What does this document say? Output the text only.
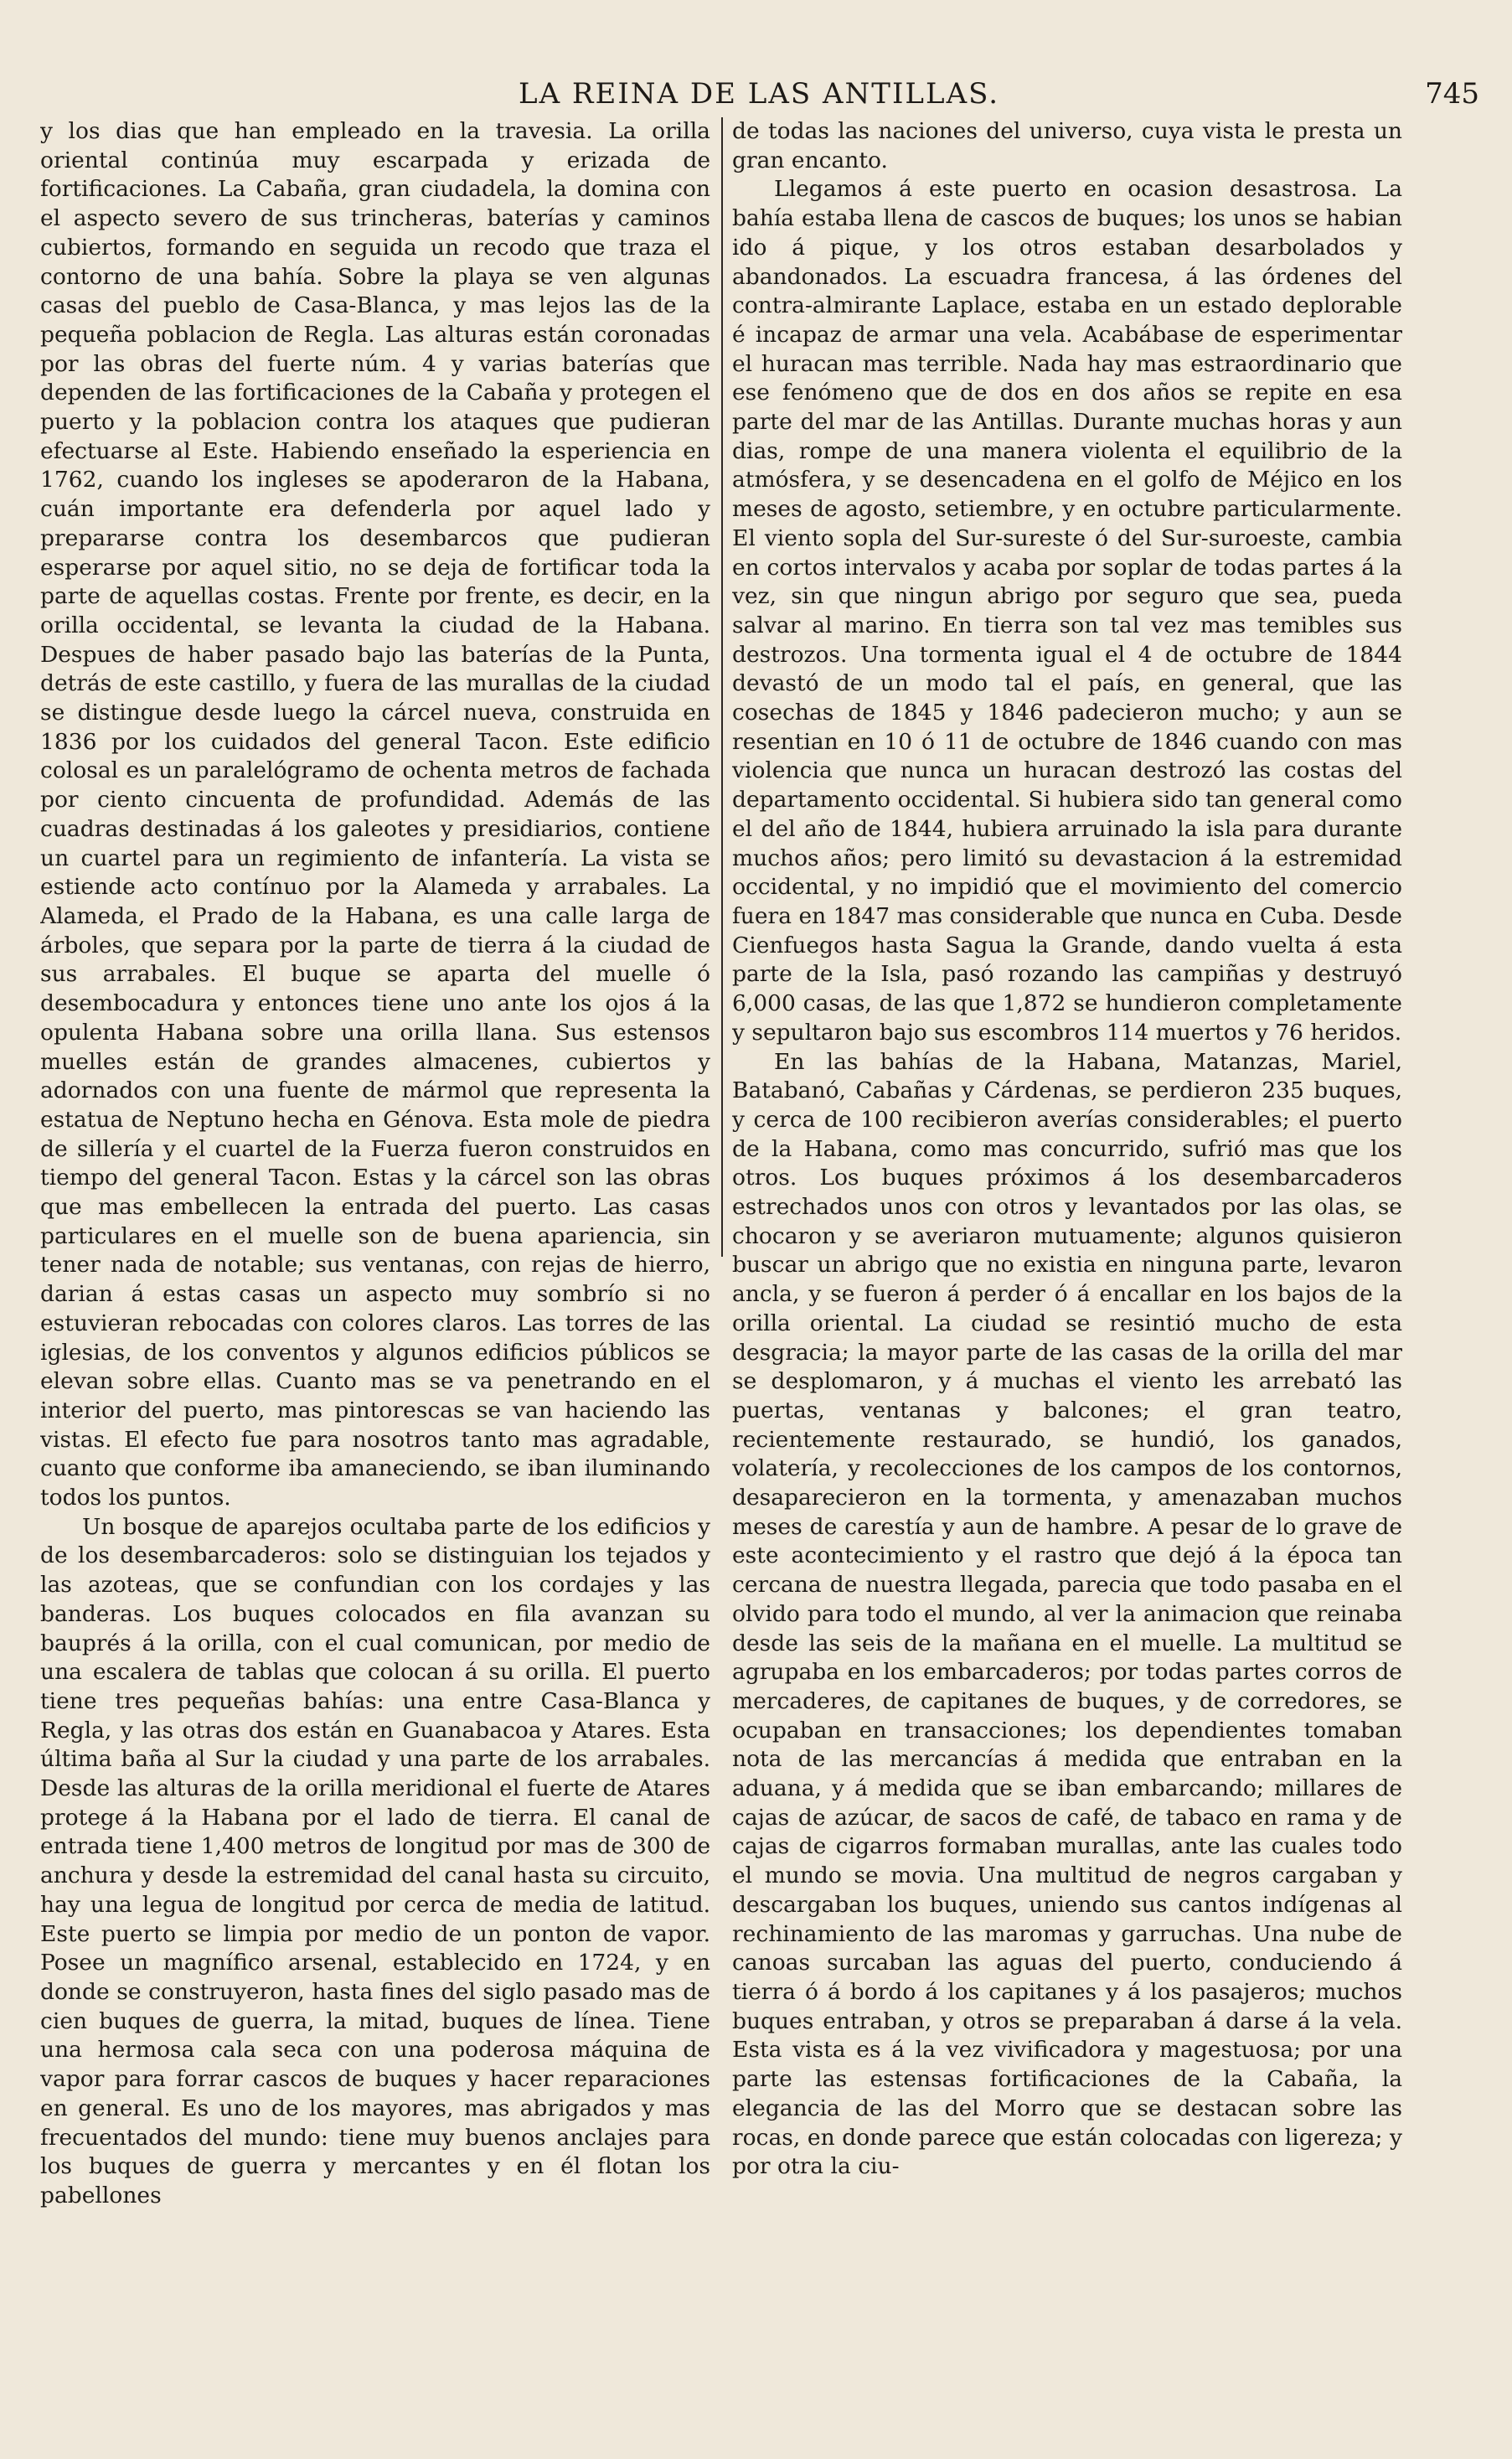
LA REINA DE LAS ANTILLAS.	745

y los dias que han empleado en la travesia. La orilla oriental continúa muy escarpada y erizada de fortificaciones. La Cabaña, gran ciudadela, la domina con el aspecto severo de sus trincheras, baterías y caminos cubiertos, formando en seguida un recodo que traza el contorno de una bahía. Sobre la playa se ven algunas casas del pueblo de Casa-Blanca, y mas lejos las de la pequeña poblacion de Regla. Las alturas están coronadas por las obras del fuerte núm. 4 y varias baterías que dependen de las fortificaciones de la Cabaña y protegen el puerto y la poblacion contra los ataques que pudieran efectuarse al Este. Habiendo enseñado la esperiencia en 1762, cuando los ingleses se apoderaron de la Habana, cuán importante era defenderla por aquel lado y prepararse contra los desembarcos que pudieran esperarse por aquel sitio, no se deja de fortificar toda la parte de aquellas costas. Frente por frente, es decir, en la orilla occidental, se levanta la ciudad de la Habana. Despues de haber pasado bajo las baterías de la Punta, detrás de este castillo, y fuera de las murallas de la ciudad se distingue desde luego la cárcel nueva, construida en 1836 por los cuidados del general Tacon. Este edificio colosal es un paralelógramo de ochenta metros de fachada por ciento cincuenta de profundidad. Además de las cuadras destinadas á los galeotes y presidiarios, contiene un cuartel para un regimiento de infantería. La vista se estiende acto contínuo por la Alameda y arrabales. La Alameda, el Prado de la Habana, es una calle larga de árboles, que separa por la parte de tierra á la ciudad de sus arrabales. El buque se aparta del muelle ó desembocadura y entonces tiene uno ante los ojos á la opulenta Habana sobre una orilla llana. Sus estensos muelles están de grandes almacenes, cubiertos y adornados con una fuente de mármol que representa la estatua de Neptuno hecha en Génova. Esta mole de piedra de sillería y el cuartel de la Fuerza fueron construidos en tiempo del general Tacon. Estas y la cárcel son las obras que mas embellecen la entrada del puerto. Las casas particulares en el muelle son de buena apariencia, sin tener nada de notable; sus ventanas, con rejas de hierro, darian á estas casas un aspecto muy sombrío si no estuvieran rebocadas con colores claros. Las torres de las iglesias, de los conventos y algunos edificios públicos se elevan sobre ellas. Cuanto mas se va penetrando en el interior del puerto, mas pintorescas se van haciendo las vistas. El efecto fue para nosotros tanto mas agradable, cuanto que conforme iba amaneciendo, se iban iluminando todos los puntos.

Un bosque de aparejos ocultaba parte de los edificios y de los desembarcaderos: solo se distinguian los tejados y las azoteas, que se confundian con los cordajes y las banderas. Los buques colocados en fila avanzan su bauprés á la orilla, con el cual comunican, por medio de una escalera de tablas que colocan á su orilla. El puerto tiene tres pequeñas bahías: una entre Casa-Blanca y Regla, y las otras dos están en Guanabacoa y Atares. Esta última baña al Sur la ciudad y una parte de los arrabales. Desde las alturas de la orilla meridional el fuerte de Atares protege á la Habana por el lado de tierra. El canal de entrada tiene 1,400 metros de longitud por mas de 300 de anchura y desde la estremidad del canal hasta su circuito, hay una legua de longitud por cerca de media de latitud. Este puerto se limpia por medio de un ponton de vapor. Posee un magnífico arsenal, establecido en 1724, y en donde se construyeron, hasta fines del siglo pasado mas de cien buques de guerra, la mitad, buques de línea. Tiene una hermosa cala seca con una poderosa máquina de vapor para forrar cascos de buques y hacer reparaciones en general. Es uno de los mayores, mas abrigados y mas frecuentados del mundo: tiene muy buenos anclajes para los buques de guerra y mercantes y en él flotan los pabellones

de todas las naciones del universo, cuya vista le presta un gran encanto.

Llegamos á este puerto en ocasion desastrosa. La bahía estaba llena de cascos de buques; los unos se habian ido á pique, y los otros estaban desarbolados y abandonados. La escuadra francesa, á las órdenes del contra-almirante Laplace, estaba en un estado deplorable é incapaz de armar una vela. Acabábase de esperimentar el huracan mas terrible. Nada hay mas estraordinario que ese fenómeno que de dos en dos años se repite en esa parte del mar de las Antillas. Durante muchas horas y aun dias, rompe de una manera violenta el equilibrio de la atmósfera, y se desencadena en el golfo de Méjico en los meses de agosto, setiembre, y en octubre particularmente. El viento sopla del Sur-sureste ó del Sur-suroeste, cambia en cortos intervalos y acaba por soplar de todas partes á la vez, sin que ningun abrigo por seguro que sea, pueda salvar al marino. En tierra son tal vez mas temibles sus destrozos. Una tormenta igual el 4 de octubre de 1844 devastó de un modo tal el país, en general, que las cosechas de 1845 y 1846 padecieron mucho; y aun se resentian en 10 ó 11 de octubre de 1846 cuando con mas violencia que nunca un huracan destrozó las costas del departamento occidental. Si hubiera sido tan general como el del año de 1844, hubiera arruinado la isla para durante muchos años; pero limitó su devastacion á la estremidad occidental, y no impidió que el movimiento del comercio fuera en 1847 mas considerable que nunca en Cuba. Desde Cienfuegos hasta Sagua la Grande, dando vuelta á esta parte de la Isla, pasó rozando las campiñas y destruyó 6,000 casas, de las que 1,872 se hundieron completamente y sepultaron bajo sus escombros 114 muertos y 76 heridos.

En las bahías de la Habana, Matanzas, Mariel, Batabanó, Cabañas y Cárdenas, se perdieron 235 buques, y cerca de 100 recibieron averías considerables; el puerto de la Habana, como mas concurrido, sufrió mas que los otros. Los buques próximos á los desembarcaderos estrechados unos con otros y levantados por las olas, se chocaron y se averiaron mutuamente; algunos quisieron buscar un abrigo que no existia en ninguna parte, levaron ancla, y se fueron á perder ó á encallar en los bajos de la orilla oriental. La ciudad se resintió mucho de esta desgracia; la mayor parte de las casas de la orilla del mar se desplomaron, y á muchas el viento les arrebató las puertas, ventanas y balcones; el gran teatro, recientemente restaurado, se hundió, los ganados, volatería, y recolecciones de los campos de los contornos, desaparecieron en la tormenta, y amenazaban muchos meses de carestía y aun de hambre. A pesar de lo grave de este acontecimiento y el rastro que dejó á la época tan cercana de nuestra llegada, parecia que todo pasaba en el olvido para todo el mundo, al ver la animacion que reinaba desde las seis de la mañana en el muelle. La multitud se agrupaba en los embarcaderos; por todas partes corros de mercaderes, de capitanes de buques, y de corredores, se ocupaban en transacciones; los dependientes tomaban nota de las mercancías á medida que entraban en la aduana, y á medida que se iban embarcando; millares de cajas de azúcar, de sacos de café, de tabaco en rama y de cajas de cigarros formaban murallas, ante las cuales todo el mundo se movia. Una multitud de negros cargaban y descargaban los buques, uniendo sus cantos indígenas al rechinamiento de las maromas y garruchas. Una nube de canoas surcaban las aguas del puerto, conduciendo á tierra ó á bordo á los capitanes y á los pasajeros; muchos buques entraban, y otros se preparaban á darse á la vela. Esta vista es á la vez vivificadora y magestuosa; por una parte las estensas fortificaciones de la Cabaña, la elegancia de las del Morro que se destacan sobre las rocas, en donde parece que están colocadas con ligereza; y por otra la ciu-
